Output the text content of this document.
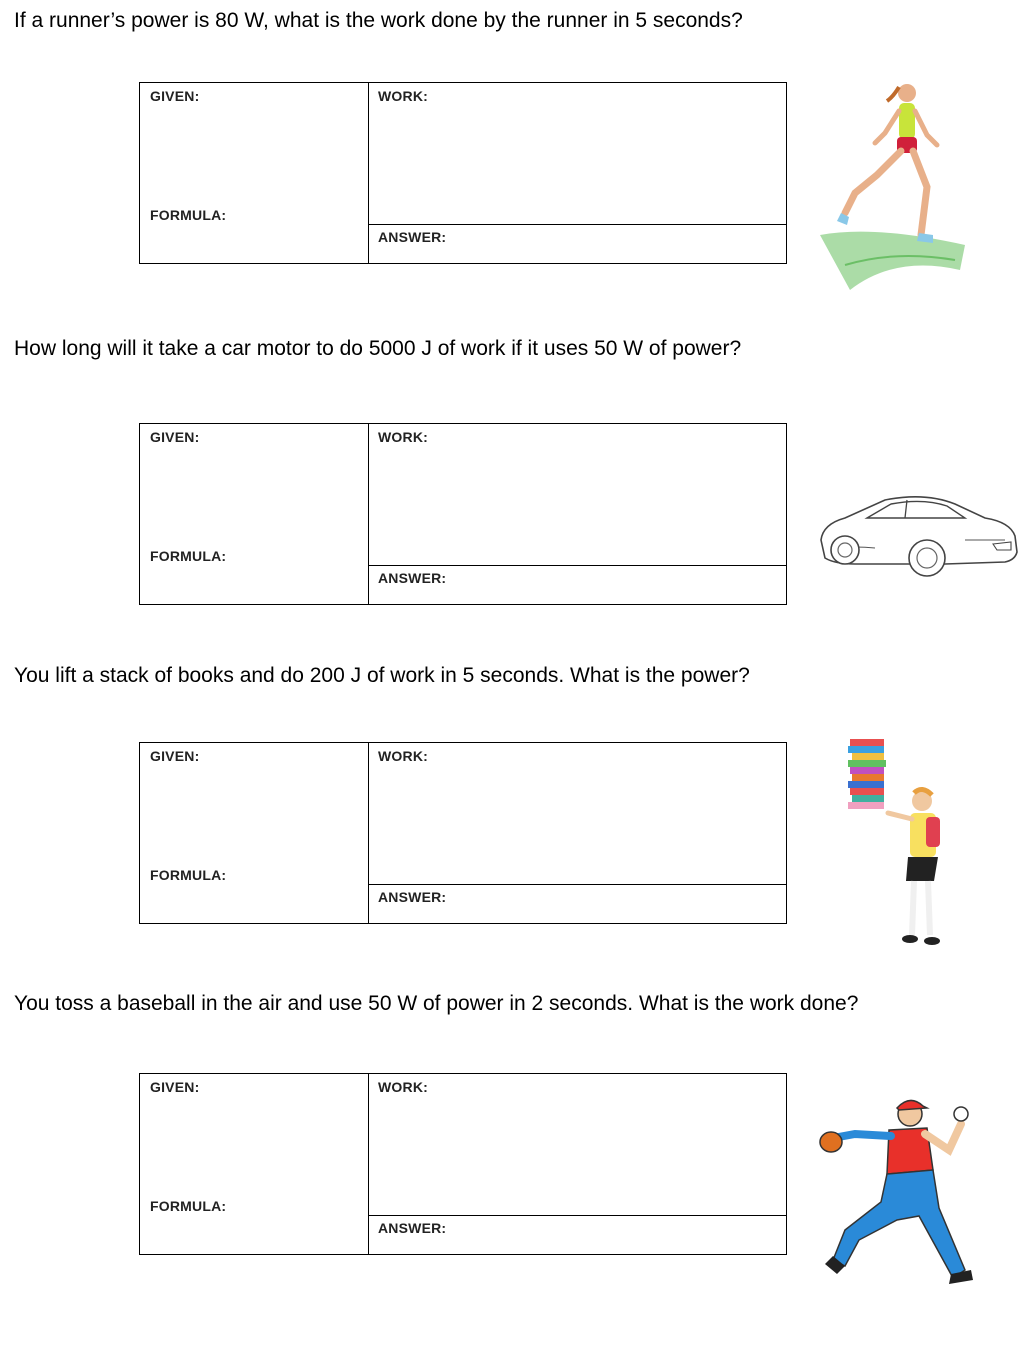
If a runner’s power is 80 W, what is the work done by the runner in 5 seconds?

GIVEN:
FORMULA:
WORK:
ANSWER:

How long will it take a car motor to do 5000 J of work if it uses 50 W of power?

GIVEN:
FORMULA:
WORK:
ANSWER:

You lift a stack of books and do 200 J of work in 5 seconds. What is the power?

GIVEN:
FORMULA:
WORK:
ANSWER:

You toss a baseball in the air and use 50 W of power in 2 seconds. What is the work done?

GIVEN:
FORMULA:
WORK:
ANSWER:
